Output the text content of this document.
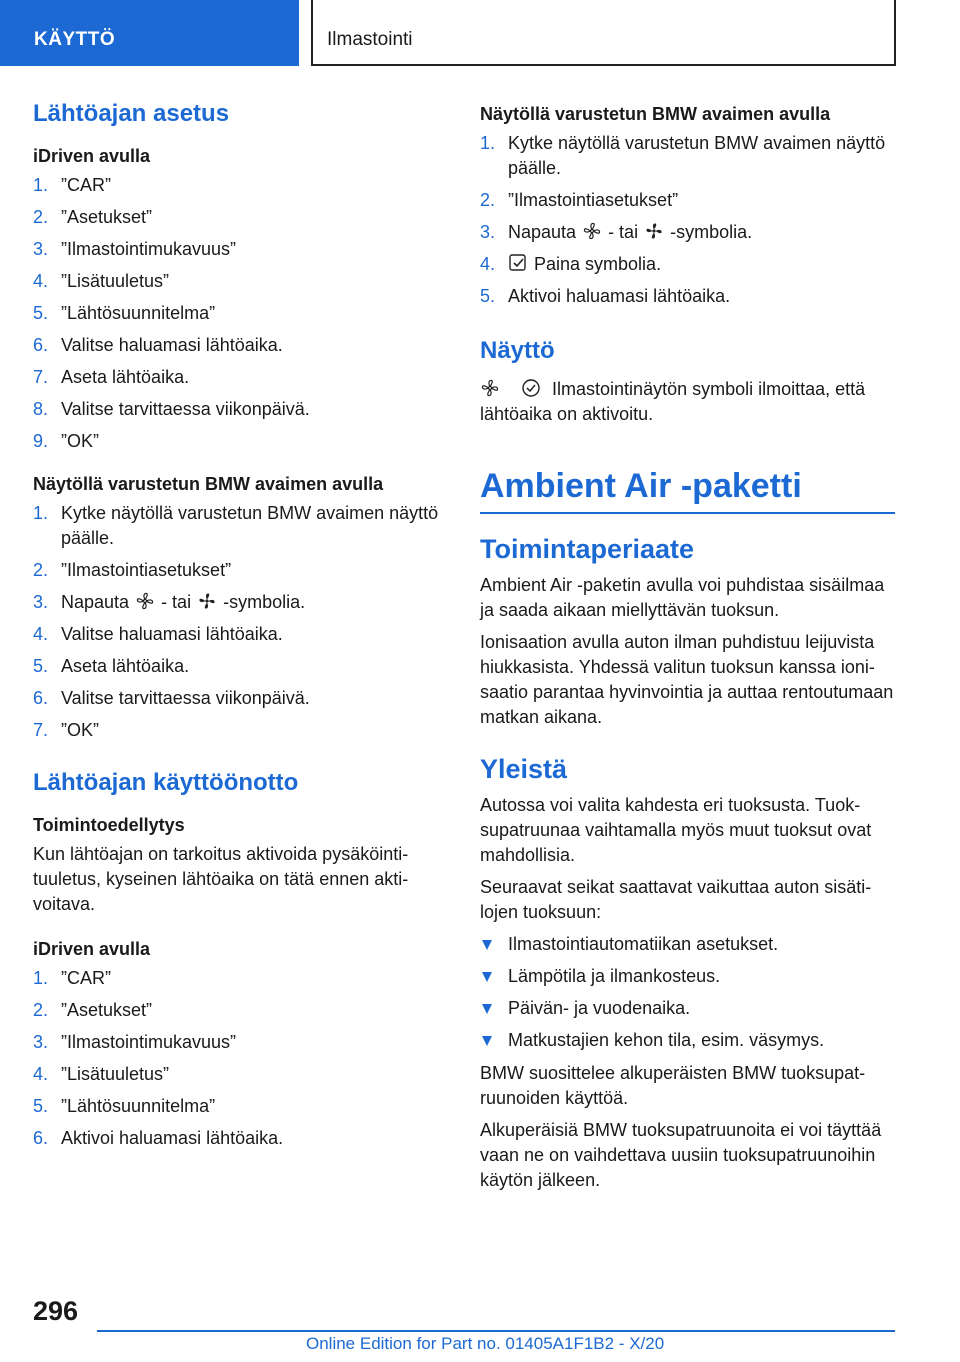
KÄYTTÖ	Ilmastointi
Lähtöajan asetus
iDriven avulla
1. ”CAR”
2. ”Asetukset”
3. ”Ilmastointimukavuus”
4. ”Lisätuuletus”
5. ”Lähtösuunnitelma”
6. Valitse haluamasi lähtöaika.
7. Aseta lähtöaika.
8. Valitse tarvittaessa viikonpäivä.
9. ”OK”
Näytöllä varustetun BMW avaimen avulla
1. Kytke näytöllä varustetun BMW avaimen näyttö päälle.
2. ”Ilmastointiasetukset”
3. Napauta - tai -symbolia.
4. Valitse haluamasi lähtöaika.
5. Aseta lähtöaika.
6. Valitse tarvittaessa viikonpäivä.
7. ”OK”
Lähtöajan käyttöönotto
Toimintoedellytys

Kun lähtöajan on tarkoitus aktivoida pysäköintituuletus, kyseinen lähtöaika on tätä ennen aktivoitava.

iDriven avulla
1. ”CAR”
2. ”Asetukset”
3. ”Ilmastointimukavuus”
4. ”Lisätuuletus”
5. ”Lähtösuunnitelma”
6. Aktivoi haluamasi lähtöaika.
Näytöllä varustetun BMW avaimen avulla
1. Kytke näytöllä varustetun BMW avaimen näyttö päälle.
2. ”Ilmastointiasetukset”
3. Napauta - tai -symbolia.
4. Paina symbolia.
5. Aktivoi haluamasi lähtöaika.
Näyttö

Ilmastointinäytön symboli ilmoittaa, että lähtöaika on aktivoitu.

Ambient Air -paketti
Toimintaperiaate

Ambient Air -paketin avulla voi puhdistaa sisäilmaa ja saada aikaan miellyttävän tuoksun.

Ionisaation avulla auton ilman puhdistuu leijuvista hiukkasista. Yhdessä valitun tuoksun kanssa ionisaatio parantaa hyvinvointia ja auttaa rentoutumaan matkan aikana.

Yleistä

Autossa voi valita kahdesta eri tuoksusta. Tuoksupatruunaa vaihtamalla myös muut tuoksut ovat mahdollisia.

Seuraavat seikat saattavat vaikuttaa auton sisätilojen tuoksuun:

Ilmastointiautomatiikan asetukset.
Lämpötila ja ilmankosteus.
Päivän- ja vuodenaika.
Matkustajien kehon tila, esim. väsymys.

BMW suosittelee alkuperäisten BMW tuoksupatruunoiden käyttöä.

Alkuperäisiä BMW tuoksupatruunoita ei voi täyttää vaan ne on vaihdettava uusiin tuoksupatruunoihin käytön jälkeen.

296
Online Edition for Part no. 01405A1F1B2 - X/20
